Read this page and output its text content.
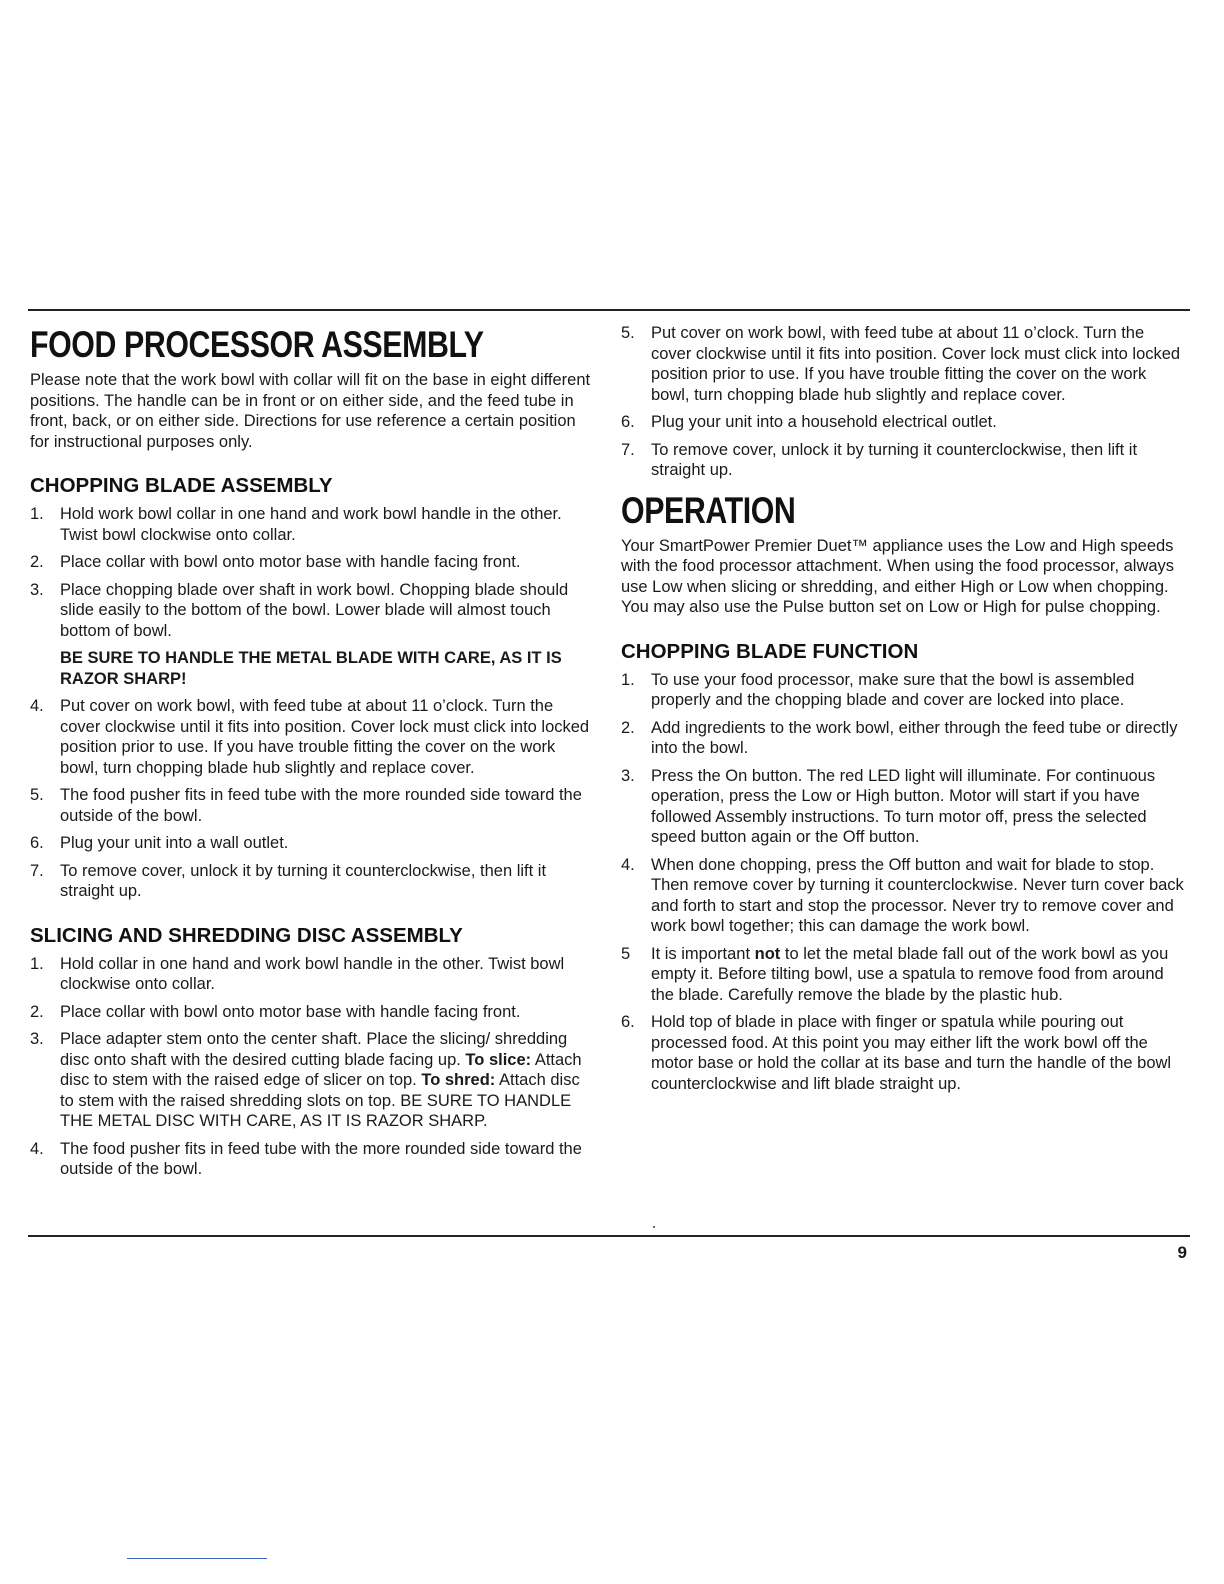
FOOD PROCESSOR ASSEMBLY

Please note that the work bowl with collar will fit on the base in eight different positions. The handle can be in front or on either side, and the feed tube in front, back, or on either side. Directions for use reference a certain position for instructional purposes only.

CHOPPING BLADE ASSEMBLY
1. Hold work bowl collar in one hand and work bowl handle in the other. Twist bowl clockwise onto collar.
2. Place collar with bowl onto motor base with handle facing front.
3. Place chopping blade over shaft in work bowl. Chopping blade should slide easily to the bottom of the bowl. Lower blade will almost touch bottom of bowl.
BE SURE TO HANDLE THE METAL BLADE WITH CARE, AS IT IS RAZOR SHARP!
4. Put cover on work bowl, with feed tube at about 11 o’clock. Turn the cover clockwise until it fits into position. Cover lock must click into locked position prior to use. If you have trouble fitting the cover on the work bowl, turn chopping blade hub slightly and replace cover.
5. The food pusher fits in feed tube with the more rounded side toward the outside of the bowl.
6. Plug your unit into a wall outlet.
7. To remove cover, unlock it by turning it counterclockwise, then lift it straight up.
SLICING AND SHREDDING DISC ASSEMBLY
1. Hold collar in one hand and work bowl handle in the other. Twist bowl clockwise onto collar.
2. Place collar with bowl onto motor base with handle facing front.
3. Place adapter stem onto the center shaft. Place the slicing/ shredding disc onto shaft with the desired cutting blade facing up. To slice: Attach disc to stem with the raised edge of slicer on top. To shred: Attach disc to stem with the raised shredding slots on top. BE SURE TO HANDLE THE METAL DISC WITH CARE, AS IT IS RAZOR SHARP.
4. The food pusher fits in feed tube with the more rounded side toward the outside of the bowl.
5. Put cover on work bowl, with feed tube at about 11 o’clock. Turn the cover clockwise until it fits into position. Cover lock must click into locked position prior to use. If you have trouble fitting the cover on the work bowl, turn chopping blade hub slightly and replace cover.
6. Plug your unit into a household electrical outlet.
7. To remove cover, unlock it by turning it counterclockwise, then lift it straight up.
OPERATION

Your SmartPower Premier Duet™ appliance uses the Low and High speeds with the food processor attachment. When using the food processor, always use Low when slicing or shredding, and either High or Low when chopping. You may also use the Pulse button set on Low or High for pulse chopping.

CHOPPING BLADE FUNCTION
1. To use your food processor, make sure that the bowl is assembled properly and the chopping blade and cover are locked into place.
2. Add ingredients to the work bowl, either through the feed tube or directly into the bowl.
3. Press the On button. The red LED light will illuminate. For continuous operation, press the Low or High button. Motor will start if you have followed Assembly instructions. To turn motor off, press the selected speed button again or the Off button.
4. When done chopping, press the Off button and wait for blade to stop. Then remove cover by turning it counterclockwise. Never turn cover back and forth to start and stop the processor. Never try to remove cover and work bowl together; this can damage the work bowl.
5 It is important not to let the metal blade fall out of the work bowl as you empty it. Before tilting bowl, use a spatula to remove food from around the blade. Carefully remove the blade by the plastic hub.
6. Hold top of blade in place with finger or spatula while pouring out processed food. At this point you may either lift the work bowl off the motor base or hold the collar at its base and turn the handle of the bowl counterclockwise and lift blade straight up.
9
